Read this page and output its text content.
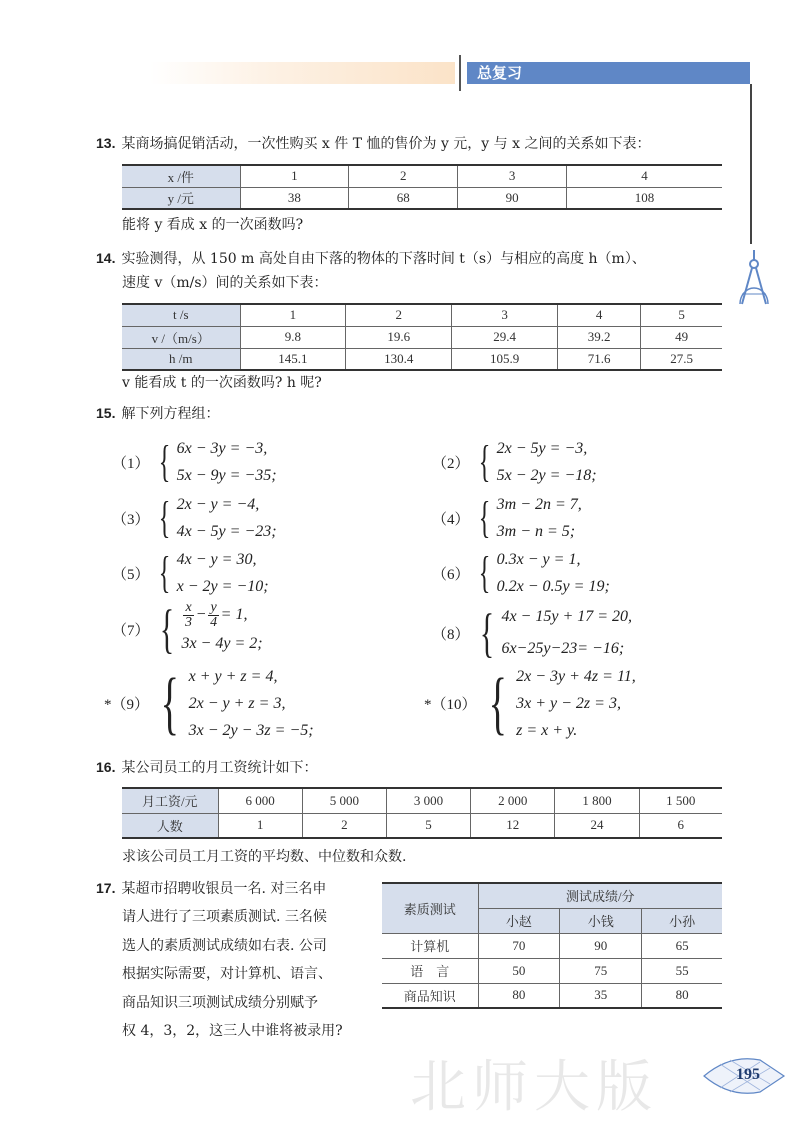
总复习
北师大版
13. 某商场搞促销活动，一次性购买 x 件 T 恤的售价为 y 元，y 与 x 之间的关系如下表：
x /件	1	2	3	4
y /元	38	68	90	108
能将 y 看成 x 的一次函数吗?
14. 实验测得，从 150 m 高处自由下落的物体的下落时间 t（s）与相应的高度 h（m）、
速度 v（m/s）间的关系如下表：
t /s	1	2	3	4	5
v /（m/s）	9.8	19.6	29.4	39.2	49
h /m	145.1	130.4	105.9	71.6	27.5
v 能看成 t 的一次函数吗? h 呢?
15. 解下列方程组：
（1） { 6x − 3y = −3,
5x − 9y = −35;
（2） { 2x − 5y = −3,
5x − 2y = −18;
（3） { 2x − y = −4,
4x − 5y = −23;
（4） { 3m − 2n = 7,
3m − n = 5;
（5） { 4x − y = 30,
x − 2y = −10;
（6） { 0.3x − y = 1,
0.2x − 0.5y = 19;
（7） { $\frac{x}{3} - \frac{y}{4} = 1$,
3x − 4y = 2;
（8） { 4x − 15y + 17 = 20,
6x−25y−23= −16;
*（9） { x + y + z = 4,
2x − y + z = 3,
3x − 2y − 3z = −5;
*（10） { 2x − 3y + 4z = 11,
3x + y − 2z = 3,
z = x + y.
16. 某公司员工的月工资统计如下：
月工资/元	6 000	5 000	3 000	2 000	1 800	1 500
人数	1	2	5	12	24	6
求该公司员工月工资的平均数、中位数和众数.
17. 某超市招聘收银员一名. 对三名申
请人进行了三项素质测试. 三名候
选人的素质测试成绩如右表. 公司
根据实际需要，对计算机、语言、
商品知识三项测试成绩分别赋予
权 4，3，2，这三人中谁将被录用?
素质测试	测试成绩/分		
	小赵	小钱	小孙
计算机	70	90	65
语　言	50	75	55
商品知识	80	35	80
195
